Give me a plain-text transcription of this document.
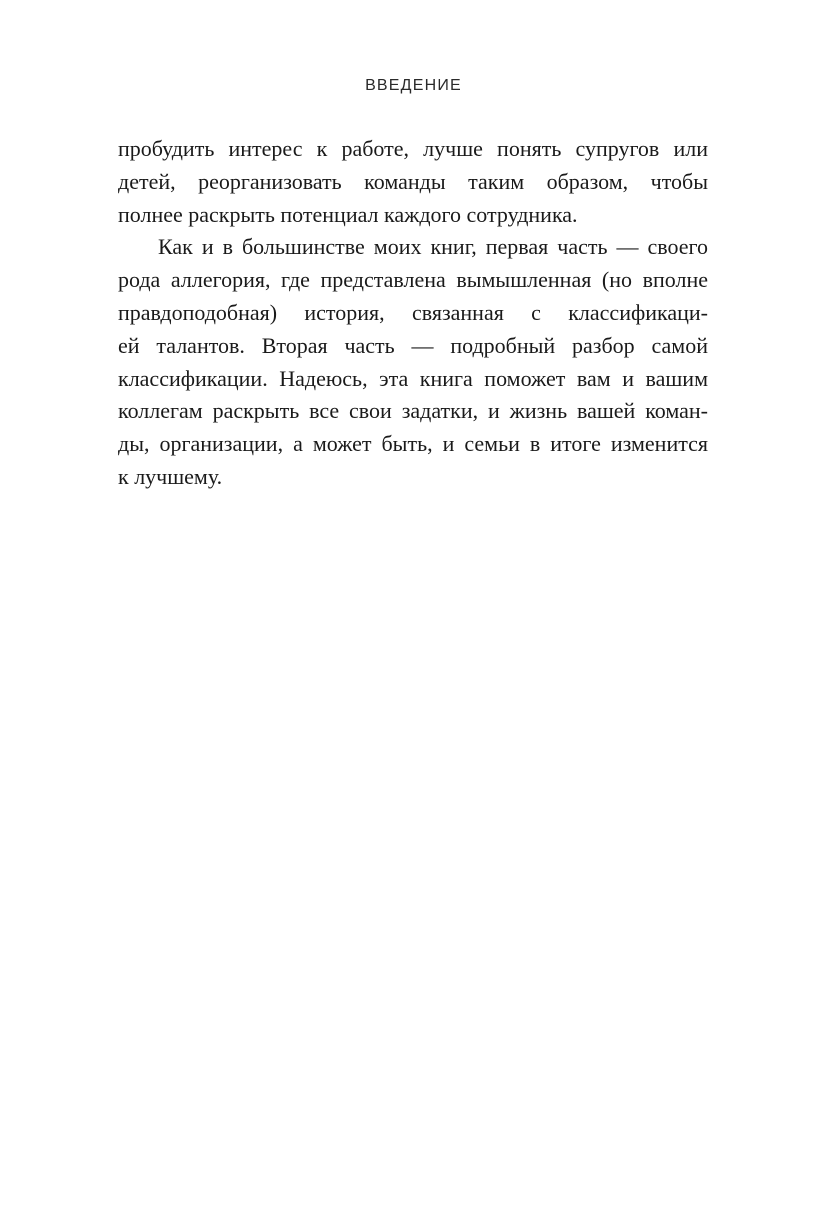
ВВЕДЕНИЕ
пробудить интерес к работе, лучше понять супругов или
детей, реорганизовать команды таким образом, чтобы
полнее раскрыть потенциал каждого сотрудника.
Как и в большинстве моих книг, первая часть — своего
рода аллегория, где представлена вымышленная (но вполне
правдоподобная) история, связанная с классификаци-
ей талантов. Вторая часть — подробный разбор самой
классификации. Надеюсь, эта книга поможет вам и вашим
коллегам раскрыть все свои задатки, и жизнь вашей коман-
ды, организации, а может быть, и семьи в итоге изменится
к лучшему.
